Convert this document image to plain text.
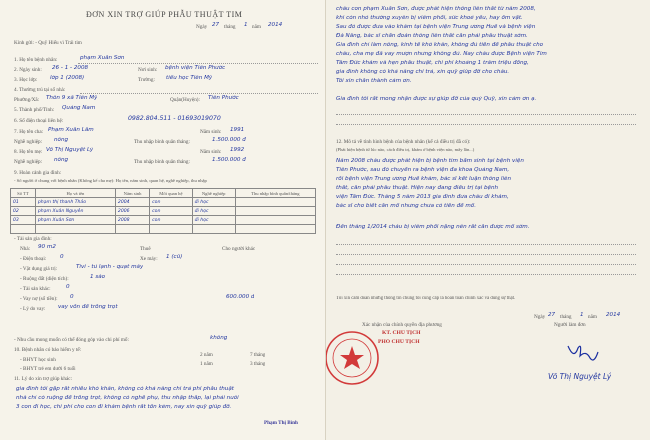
ĐƠN XIN TRỢ GIÚP PHẪU THUẬT TIM
Ngày 27 tháng 1 năm 2014
Kính gửi: - Quỹ Hiếu vì Trái tim
1. Họ tên bệnh nhân:	phạm Xuân Sơn
2. Ngày sinh: 26 - 1 - 2008	Nơi sinh: bệnh viện Tiên Phước
3. Học lớp: lớp 1 (2008)	Trường: tiểu học Tiên Mỹ
4. Thường trú tại số nhà:
Phường/Xã: Thôn 9 xã Tiên Mỹ	Quận(Huyện): Tiên Phước
5. Thành phố/Tỉnh: Quảng Nam
6. Số điện thoại liên hệ:	0982.804.511 - 01693019070
7. Họ tên cha: Phạm Xuân Lâm	Năm sinh: 1991
Nghề nghiệp: nông	Thu nhập bình quân tháng:	1.500.000 đ
8. Họ tên mẹ: Võ Thị Nguyệt Lý	Năm sinh: 1992
Nghề nghiệp: nông	Thu nhập bình quân tháng:	1.500.000 đ
9. Hoàn cảnh gia đình:
- Số người ở chung với bệnh nhân (Không kể cha mẹ): Họ tên, năm sinh, quan hệ, nghề nghiệp, thu nhập
Số TT	Họ và tên	Năm sinh	Mối quan hệ	Nghề nghiệp	Thu nhập bình quân/tháng
01	phạm thị thanh Thảo	2004	con	đi học	
02	phạm Xuân Nguyên	2006	con	đi học	
03	phạm Xuân Sơn	2008	con	đi học	

- Tài sản gia đình:
Nhà: 90 m2	Thuê	Cho người khác
- Điện thoại: 0	Xe máy: 1 (cũ)
- Vật dụng giá trị:	Tivi - tủ lạnh - quạt máy
- Ruộng đất (diện tích):	1 sào
- Tài sản khác:	0
- Vay nợ (số tiền): 0	600.000 đ
- Lý do vay: vay vốn để trồng trọt
- Nhu cầu mong muốn có thể đóng góp vào chi phí mổ:	không
10. Bệnh nhân có bảo hiểm y tế:
- BHYT học sinh
2 năm	7 tháng
- BHYT trẻ em dưới 6 tuổi
1 năm	3 tháng
11. Lý do xin trợ giúp khác:
gia đình tôi gặp rất nhiều khó khăn, không có khả năng chi trả phí phẫu thuật
nhà chỉ có ruộng để trồng trọt, không có nghề phụ, thu nhập thấp, lại phải nuôi
3 con đi học, chi phí cho con đi khám bệnh rất tốn kém, nay xin quỹ giúp đỡ.
Phạm Thị Bình
cháu con phạm Xuân Sơn, được phát hiện thông liên thất từ năm 2008,
khi còn nhỏ thường xuyên bị viêm phổi, sức khoẻ yếu, hay ốm vặt.
Sau đó được đưa vào khám tại bệnh viện Trung ương Huế và bệnh viện
Đà Nẵng, bác sĩ chẩn đoán thông liên thất cần phải phẫu thuật sớm.
Gia đình chỉ làm nông, kinh tế khó khăn, không đủ tiền để phẫu thuật cho
cháu, cha mẹ đã vay mượn nhưng không đủ. Nay cháu được Bệnh viện Tim
Tâm Đức khám và hẹn phẫu thuật, chi phí khoảng 1 trăm triệu đồng,
gia đình không có khả năng chi trả, xin quỹ giúp đỡ cho cháu.
Tôi xin chân thành cảm ơn.
Gia đình tôi rất mong nhận được sự giúp đỡ của quý Quỹ, xin cảm ơn ạ.
12. Mô tả về tình hình bệnh của bệnh nhân (kể cả điều trị đã có):
(Phát hiện bệnh từ lúc nào, cách điều trị, khám ở bệnh viện nào, mấy lần...)
Năm 2008 cháu được phát hiện bị bệnh tim bẩm sinh tại bệnh viện
Tiên Phước, sau đó chuyển ra bệnh viện đa khoa Quảng Nam,
rồi bệnh viện Trung ương Huế khám, bác sĩ kết luận thông liên
thất, cần phải phẫu thuật. Hiện nay đang điều trị tại bệnh
viện Tâm Đức. Tháng 5 năm 2013 gia đình đưa cháu đi khám,
bác sĩ cho biết cần mổ nhưng chưa có tiền để mổ.
Đến tháng 1/2014 cháu bị viêm phổi nặng nên rất cần được mổ sớm.
Tôi xin cam đoan những thông tin chúng tôi cung cấp là hoàn toàn chính xác và đúng sự thật.
Ngày 27 tháng 1 năm 2014
Xác nhận của chính quyền địa phương	Người làm đơn
KT. CHỦ TỊCH
PHÓ CHỦ TỊCH
Võ Thị Nguyệt Lý
